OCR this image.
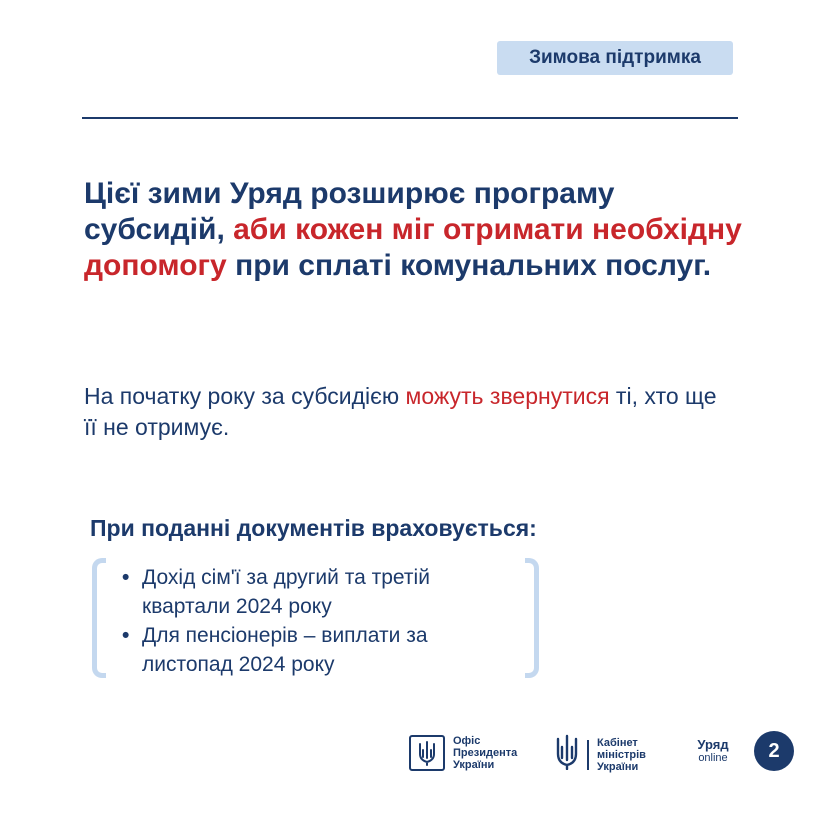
Зимова підтримка
Цієї зими Уряд розширює програму субсидій, аби кожен міг отримати необхідну допомогу при сплаті комунальних послуг.
На початку року за субсидією можуть звернутися ті, хто ще її не отримує.
При поданні документів враховується:
• Дохід сім'ї за другий та третій квартали 2024 року
• Для пенсіонерів – виплати за листопад 2024 року
Офіс
Президента
України
Кабінет
міністрів
України
Уряд
online	2
